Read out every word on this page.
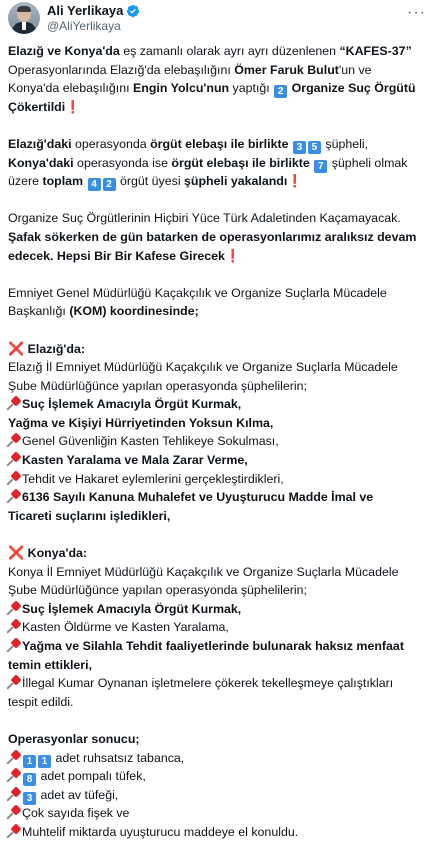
Ali Yerlikaya
@AliYerlikaya
···
Elazığ ve Konya'da eş zamanlı olarak ayrı ayrı düzenlenen “KAFES-37”
Operasyonlarında Elazığ'da elebaşılığını Ömer Faruk Bulut'un ve
Konya'da elebaşılığını Engin Yolcu'nun yaptığı 2 Organize Suç Örgütü
Çökertildi❗
Elazığ'daki operasyonda örgüt elebaşı ile birlikte 3 5 şüpheli,
Konya'daki operasyonda ise örgüt elebaşı ile birlikte 7 şüpheli olmak
üzere toplam 4 2 örgüt üyesi şüpheli yakalandı❗
Organize Suç Örgütlerinin Hiçbiri Yüce Türk Adaletinden Kaçamayacak.
Şafak sökerken de gün batarken de operasyonlarımız aralıksız devam
edecek. Hepsi Bir Bir Kafese Girecek❗
Emniyet Genel Müdürlüğü Kaçakçılık ve Organize Suçlarla Mücadele
Başkanlığı (KOM) koordinesinde;
❌ Elazığ'da:
Elazığ İl Emniyet Müdürlüğü Kaçakçılık ve Organize Suçlarla Mücadele
Şube Müdürlüğünce yapılan operasyonda şüphelilerin;
Suç İşlemek Amacıyla Örgüt Kurmak,
Yağma ve Kişiyi Hürriyetinden Yoksun Kılma,
Genel Güvenliğin Kasten Tehlikeye Sokulması,
Kasten Yaralama ve Mala Zarar Verme,
Tehdit ve Hakaret eylemlerini gerçekleştirdikleri,
6136 Sayılı Kanuna Muhalefet ve Uyuşturucu Madde İmal ve
Ticareti suçlarını işledikleri,
❌ Konya'da:
Konya İl Emniyet Müdürlüğü Kaçakçılık ve Organize Suçlarla Mücadele
Şube Müdürlüğünce yapılan operasyonda şüphelilerin;
Suç İşlemek Amacıyla Örgüt Kurmak,
Kasten Öldürme ve Kasten Yaralama,
Yağma ve Silahla Tehdit faaliyetlerinde bulunarak haksız menfaat
temin ettikleri,
İllegal Kumar Oynanan işletmelere çökerek tekelleşmeye çalıştıkları
tespit edildi.
Operasyonlar sonucu;
1 1 adet ruhsatsız tabanca,
8 adet pompalı tüfek,
3 adet av tüfeği,
Çok sayıda fişek ve
Muhtelif miktarda uyuşturucu maddeye el konuldu.
